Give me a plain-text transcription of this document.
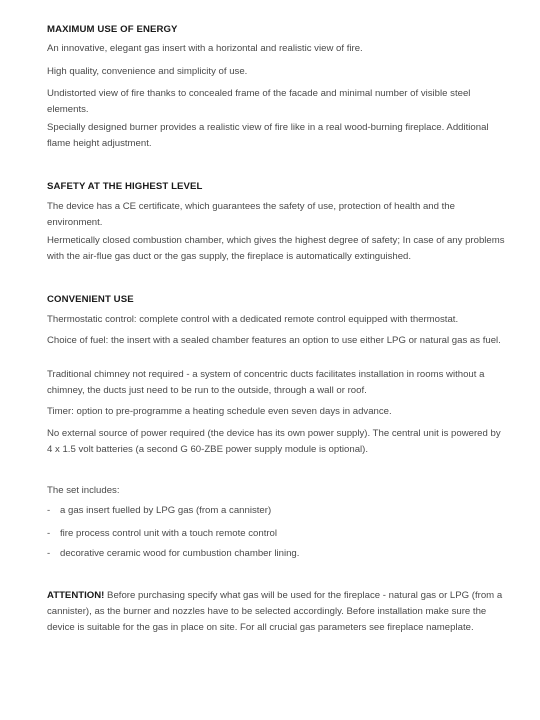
MAXIMUM USE OF ENERGY
An innovative, elegant gas insert with a horizontal and realistic view of fire.
High quality, convenience and simplicity of use.
Undistorted view of fire thanks to concealed frame of the facade and minimal number of visible steel elements.
Specially designed burner provides a realistic view of fire like in a real wood-burning fireplace. Additional flame height adjustment.
SAFETY AT THE HIGHEST LEVEL
The device has a CE certificate, which guarantees the safety of use, protection of health and the environment.
Hermetically closed combustion chamber, which gives the highest degree of safety; In case of any problems with the air-flue gas duct or the gas supply, the fireplace is automatically extinguished.
CONVENIENT USE
Thermostatic control: complete control with a dedicated remote control equipped with thermostat.
Choice of fuel: the insert with a sealed chamber features an option to use either LPG or natural gas as fuel.
Traditional chimney not required - a system of concentric ducts facilitates installation in rooms without a chimney, the ducts just need to be run to the outside, through a wall or roof.
Timer: option to pre-programme a heating schedule even seven days in advance.
No external source of power required (the device has its own power supply). The central unit is powered by 4 x 1.5 volt batteries (a second G 60-ZBE power supply module is optional).
The set includes:
- a gas insert fuelled by LPG gas (from a cannister)
- fire process control unit with a touch remote control
- decorative ceramic wood for cumbustion chamber lining.
ATTENTION! Before purchasing specify what gas will be used for the fireplace - natural gas or LPG (from a cannister), as the burner and nozzles have to be selected accordingly. Before installation make sure the device is suitable for the gas in place on site. For all crucial gas parameters see fireplace nameplate.
